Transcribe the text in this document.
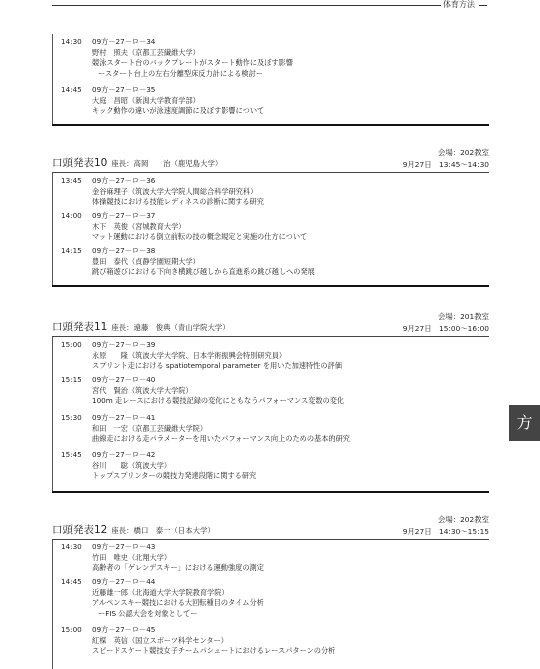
体育方法
14:30 09方－27－ロ－34
野村　照夫（京都工芸繊維大学）
競泳スタート台のバックプレートがスタート動作に及ぼす影響
ースタート台上の左右分離型床反力計による検討ー
14:45 09方－27－ロ－35
大庭　昌昭（新潟大学教育学部）
キック動作の違いが泳速度調節に及ぼす影響について
会場：202教室
口頭発表10 座長：高岡　　治（鹿児島大学）	9月27日　13:45～14:30
13:45 09方－27－ロ－36
金谷麻理子（筑波大学大学院人間総合科学研究科）
体操競技における技能レディネスの診断に関する研究
14:00 09方－27－ロ－37
木下　英俊（宮城教育大学）
マット運動における倒立前転の技の概念規定と実施の仕方について
14:15 09方－27－ロ－38
豊田　泰代（貞静学園短期大学）
跳び箱遊びにおける下向き横跳び越しから直進系の跳び越しへの発展
会場：201教室
口頭発表11 座長：遠藤　俊典（青山学院大学）	9月27日　15:00～16:00
15:00 09方－27－ロ－39
永原　　隆（筑波大学大学院、日本学術振興会特別研究員）
スプリント走における spatiotemporal parameter を用いた加速特性の評価
15:15 09方－27－ロ－40
宮代　賢治（筑波大学大学院）
100m 走レースにおける競技記録の変化にともなうパフォーマンス変数の変化
15:30 09方－27－ロ－41
和田　一宏（京都工芸繊維大学院）
曲線走における走パラメーターを用いたパフォーマンス向上のための基本的研究
15:45 09方－27－ロ－42
谷川　　聡（筑波大学）
トップスプリンターの競技力発達段階に関する研究
会場：202教室
口頭発表12 座長：橋口　泰一（日本大学）	9月27日　14:30～15:15
14:30 09方－27－ロ－43
竹田　唯史（北翔大学）
高齢者の「ゲレンデスキー」における運動強度の測定
14:45 09方－27－ロ－44
近藤雄一郎（北海道大学大学院教育学院）
アルペンスキー競技における大回転種目のタイム分析
ーFIS 公認大会を対象としてー
15:00 09方－27－ロ－45
紅楳　英信（国立スポーツ科学センター）
スピードスケート競技女子チームパシュートにおけるレースパターンの分析
方
